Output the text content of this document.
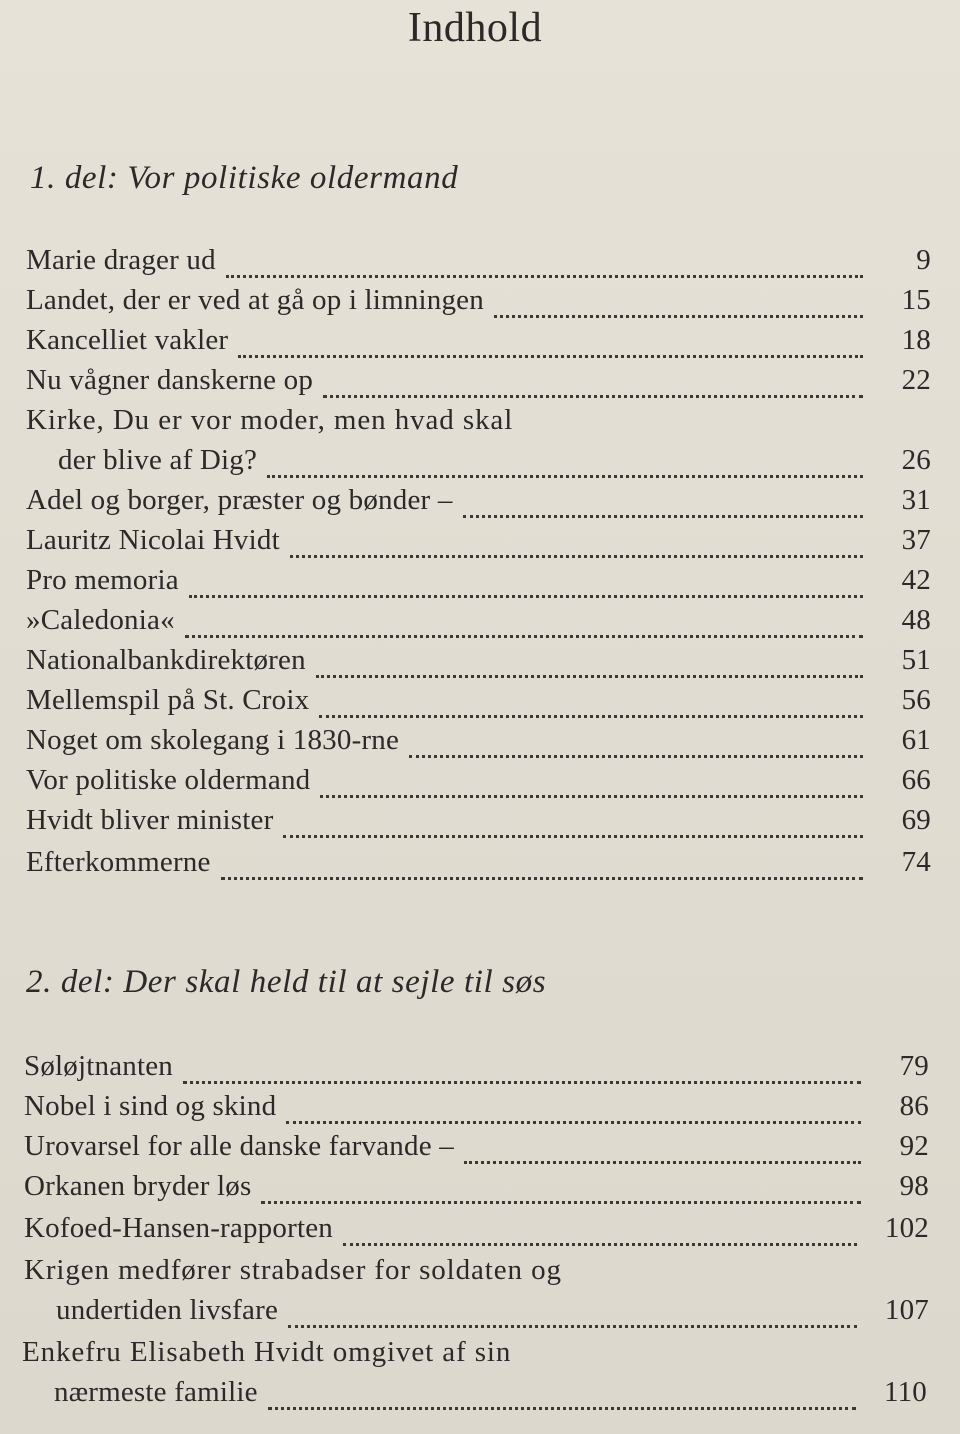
Indhold
1. del: Vor politiske oldermand
Marie drager ud	9
Landet, der er ved at gå op i limningen	15
Kancelliet vakler	18
Nu vågner danskerne op	22
Kirke, Du er vor moder, men hvad skal
der blive af Dig?	26
Adel og borger, præster og bønder –	31
Lauritz Nicolai Hvidt	37
Pro memoria	42
»Caledonia«	48
Nationalbankdirektøren	51
Mellemspil på St. Croix	56
Noget om skolegang i 1830-rne	61
Vor politiske oldermand	66
Hvidt bliver minister	69
Efterkommerne	74
2. del: Der skal held til at sejle til søs
Søløjtnanten	79
Nobel i sind og skind	86
Urovarsel for alle danske farvande –	92
Orkanen bryder løs	98
Kofoed-Hansen-rapporten	102
Krigen medfører strabadser for soldaten og
undertiden livsfare	107
Enkefru Elisabeth Hvidt omgivet af sin
nærmeste familie	110
